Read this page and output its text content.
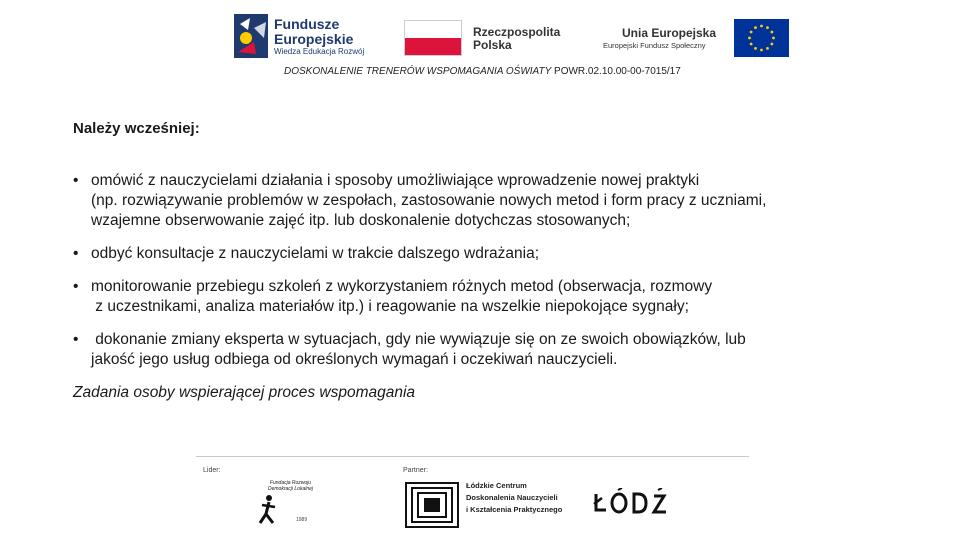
Fundusze
Europejskie
Wiedza Edukacja Rozwój
Rzeczpospolita
Polska
Unia Europejska
Europejski Fundusz Społeczny
DOSKONALENIE TRENERÓW WSPOMAGANIA OŚWIATY POWR.02.10.00-00-7015/17
Należy wcześniej:
• omówić z nauczycielami działania i sposoby umożliwiające wprowadzenie nowej praktyki
(np. rozwiązywanie problemów w zespołach, zastosowanie nowych metod i form pracy z uczniami,
wzajemne obserwowanie zajęć itp. lub doskonalenie dotychczas stosowanych;
• odbyć konsultacje z nauczycielami w trakcie dalszego wdrażania;
• monitorowanie przebiegu szkoleń z wykorzystaniem różnych metod (obserwacja, rozmowy
z uczestnikami, analiza materiałów itp.) i reagowanie na wszelkie niepokojące sygnały;
• dokonanie zmiany eksperta w sytuacjach, gdy nie wywiązuje się on ze swoich obowiązków, lub
jakość jego usług odbiega od określonych wymagań i oczekiwań nauczycieli.
Zadania osoby wspierającej proces wspomagania
Lider:	Partner:
Fundacja Rozwoju Demokracji Lokalnej
1989
Łódzkie Centrum
Doskonalenia Nauczycieli
i Kształcenia Praktycznego
